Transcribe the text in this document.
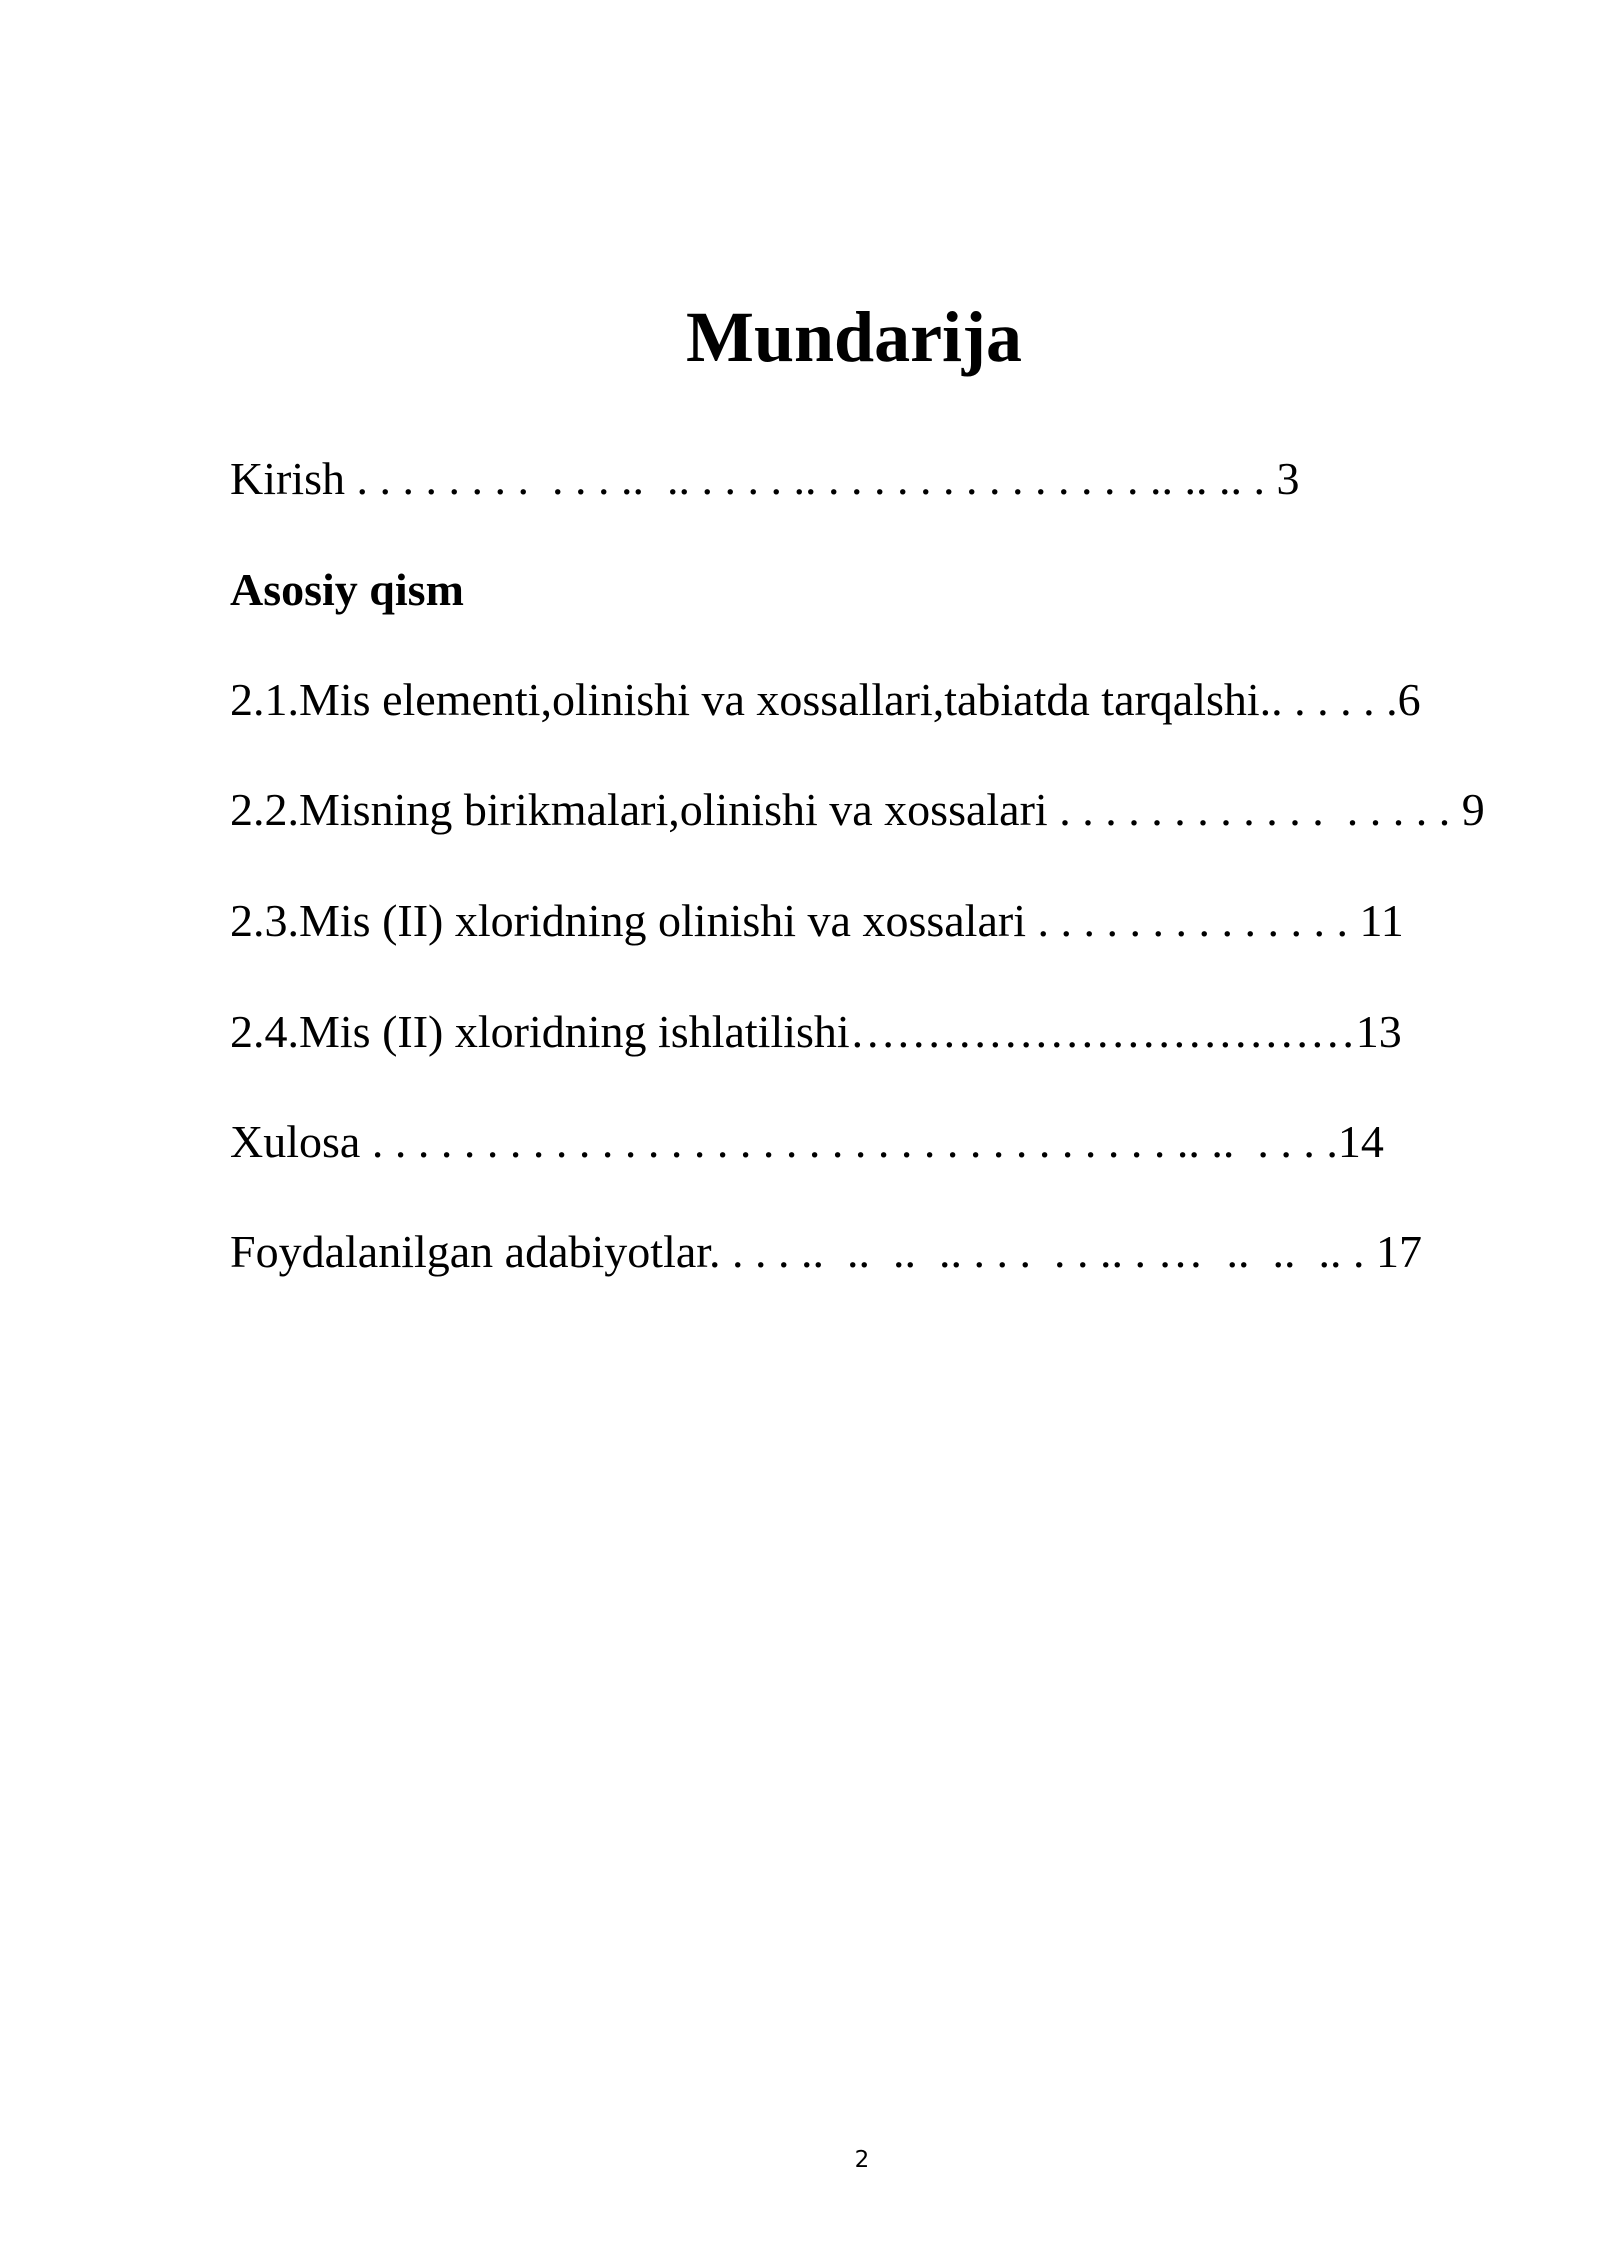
Mundarija

Kirish . . . . . . . .  . . . ..  .. . . . . .. . . . . . . . . . . . . . . .. .. .. . 3

Asosiy qism

2.1.Mis elementi,olinishi va xossallari,tabiatda tarqalshi.. . . . . .6

2.2.Misning birikmalari,olinishi va xossalari . . . . . . . . . . . .  . . . . . 9

2.3.Mis (II) xloridning olinishi va xossalari . . . . . . . . . . . . . . 11

2.4.Mis (II) xloridning ishlatilishi……………………………13

Xulosa . . . . . . . . . . . . . . . . . . . . . . . . . . . . . . . . . . . .. ..  . . . .14

Foydalanilgan adabiyotlar. . . . ..  ..  ..  .. . . .  . . .. . …  ..  ..  .. . 17

2
